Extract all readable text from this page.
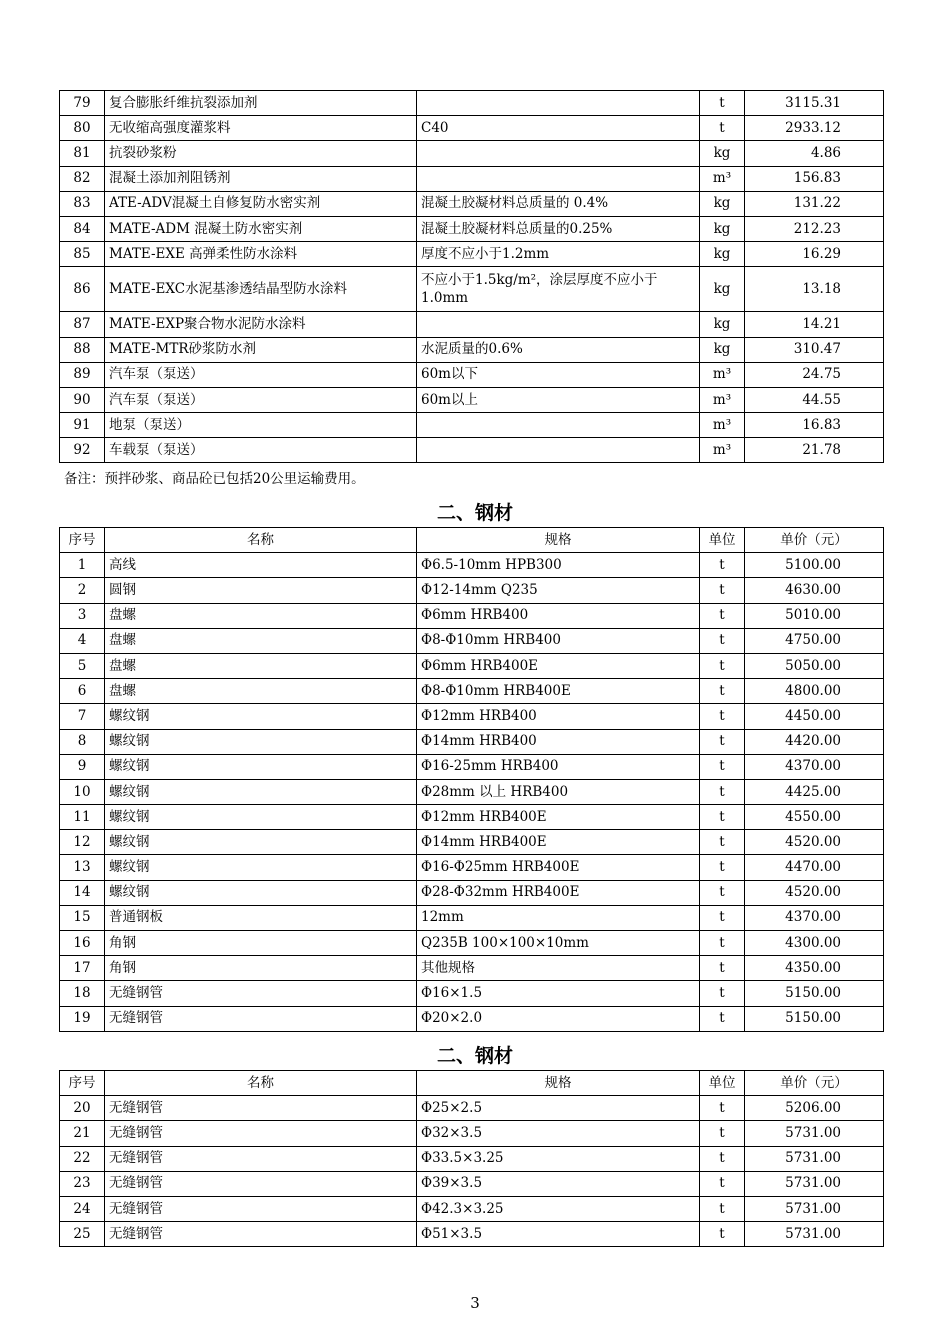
79	复合膨胀纤维抗裂添加剂		t	3115.31
80	无收缩高强度灌浆料	C40	t	2933.12
81	抗裂砂浆粉		kg	4.86
82	混凝土添加剂阻锈剂		m³	156.83
83	ATE-ADV混凝土自修复防水密实剂	混凝土胶凝材料总质量的 0.4%	kg	131.22
84	MATE-ADM 混凝土防水密实剂	混凝土胶凝材料总质量的0.25%	kg	212.23
85	MATE-EXE 高弹柔性防水涂料	厚度不应小于1.2mm	kg	16.29
86	MATE-EXC水泥基渗透结晶型防水涂料	不应小于1.5kg/m²，涂层厚度不应小于1.0mm	kg	13.18
87	MATE-EXP聚合物水泥防水涂料		kg	14.21
88	MATE-MTR砂浆防水剂	水泥质量的0.6%	kg	310.47
89	汽车泵（泵送）	60m以下	m³	24.75
90	汽车泵（泵送）	60m以上	m³	44.55
91	地泵（泵送）		m³	16.83
92	车载泵（泵送）		m³	21.78
备注：预拌砂浆、商品砼已包括20公里运输费用。
二、钢材
序号	名称	规格	单位	单价（元）
1	高线	Φ6.5-10mm HPB300	t	5100.00
2	圆钢	Φ12-14mm Q235	t	4630.00
3	盘螺	Φ6mm HRB400	t	5010.00
4	盘螺	Φ8-Φ10mm HRB400	t	4750.00
5	盘螺	Φ6mm HRB400E	t	5050.00
6	盘螺	Φ8-Φ10mm HRB400E	t	4800.00
7	螺纹钢	Φ12mm HRB400	t	4450.00
8	螺纹钢	Φ14mm HRB400	t	4420.00
9	螺纹钢	Φ16-25mm HRB400	t	4370.00
10	螺纹钢	Φ28mm 以上 HRB400	t	4425.00
11	螺纹钢	Φ12mm HRB400E	t	4550.00
12	螺纹钢	Φ14mm HRB400E	t	4520.00
13	螺纹钢	Φ16-Φ25mm HRB400E	t	4470.00
14	螺纹钢	Φ28-Φ32mm HRB400E	t	4520.00
15	普通钢板	12mm	t	4370.00
16	角钢	Q235B 100×100×10mm	t	4300.00
17	角钢	其他规格	t	4350.00
18	无缝钢管	Φ16×1.5	t	5150.00
19	无缝钢管	Φ20×2.0	t	5150.00
二、钢材
序号	名称	规格	单位	单价（元）
20	无缝钢管	Φ25×2.5	t	5206.00
21	无缝钢管	Φ32×3.5	t	5731.00
22	无缝钢管	Φ33.5×3.25	t	5731.00
23	无缝钢管	Φ39×3.5	t	5731.00
24	无缝钢管	Φ42.3×3.25	t	5731.00
25	无缝钢管	Φ51×3.5	t	5731.00
3
